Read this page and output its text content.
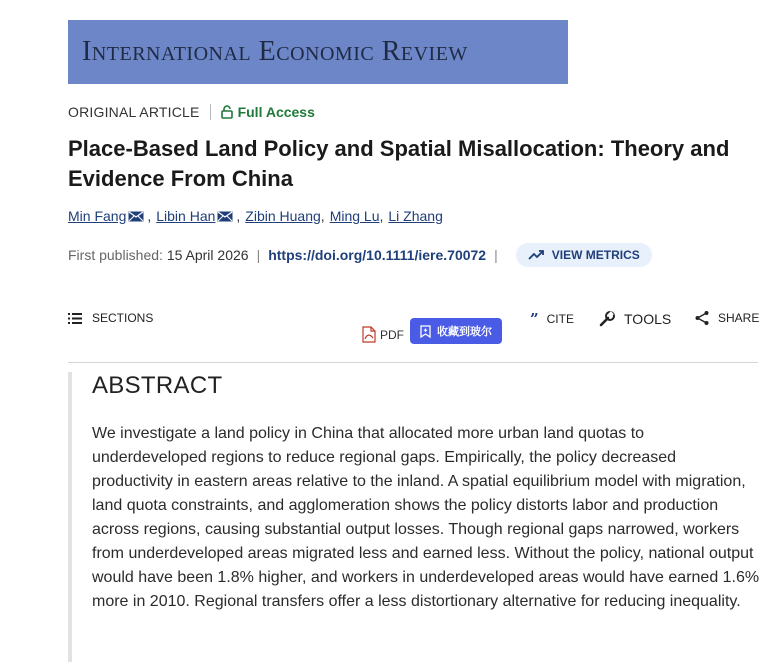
International Economic Review
ORIGINAL ARTICLE	Full Access
Place-Based Land Policy and Spatial Misallocation: Theory and Evidence From China
Min Fang , Libin Han , Zibin Huang , Ming Lu , Li Zhang
First published:
15 April 2026 | https://doi.org/10.1111/iere.70072 |	VIEW METRICS
SECTIONS
PDF	收藏到玻尔
” CITE	TOOLS	SHARE
ABSTRACT

We investigate a land policy in China that allocated more urban land quotas to underdeveloped regions to reduce regional gaps. Empirically, the policy decreased productivity in eastern areas relative to the inland. A spatial equilibrium model with migration, land quota constraints, and agglomeration shows the policy distorts labor and production across regions, causing substantial output losses. Though regional gaps narrowed, workers from underdeveloped areas migrated less and earned less. Without the policy, national output would have been 1.8% higher, and workers in underdeveloped areas would have earned 1.6% more in 2010. Regional transfers offer a less distortionary alternative for reducing inequality.
